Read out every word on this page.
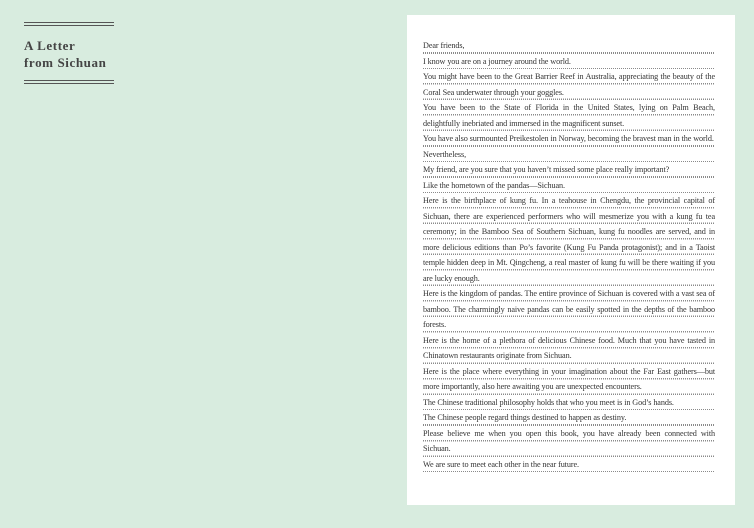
A Letter
from Sichuan
Dear friends,
I know you are on a journey around the world.
You might have been to the Great Barrier Reef in Australia, appreciating the beauty of the Coral Sea underwater through your goggles.
You have been to the State of Florida in the United States, lying on Palm Beach, delightfully inebriated and immersed in the magnificent sunset.
You have also surmounted Preikestolen in Norway, becoming the bravest man in the world.
Nevertheless,
My friend, are you sure that you haven’t missed some place really important?
Like the hometown of the pandas—Sichuan.
Here is the birthplace of kung fu. In a teahouse in Chengdu, the provincial capital of Sichuan, there are experienced performers who will mesmerize you with a kung fu tea ceremony; in the Bamboo Sea of Southern Sichuan, kung fu noodles are served, and in more delicious editions than Po’s favorite (Kung Fu Panda protagonist); and in a Taoist temple hidden deep in Mt. Qingcheng, a real master of kung fu will be there waiting if you are lucky enough.
Here is the kingdom of pandas. The entire province of Sichuan is covered with a vast sea of bamboo. The charmingly naive pandas can be easily spotted in the depths of the bamboo forests.
Here is the home of a plethora of delicious Chinese food. Much that you have tasted in Chinatown restaurants originate from Sichuan.
Here is the place where everything in your imagination about the Far East gathers—but more importantly, also here awaiting you are unexpected encounters.
The Chinese traditional philosophy holds that who you meet is in God’s hands.
The Chinese people regard things destined to happen as destiny.
Please believe me when you open this book, you have already been connected with Sichuan.
We are sure to meet each other in the near future.
